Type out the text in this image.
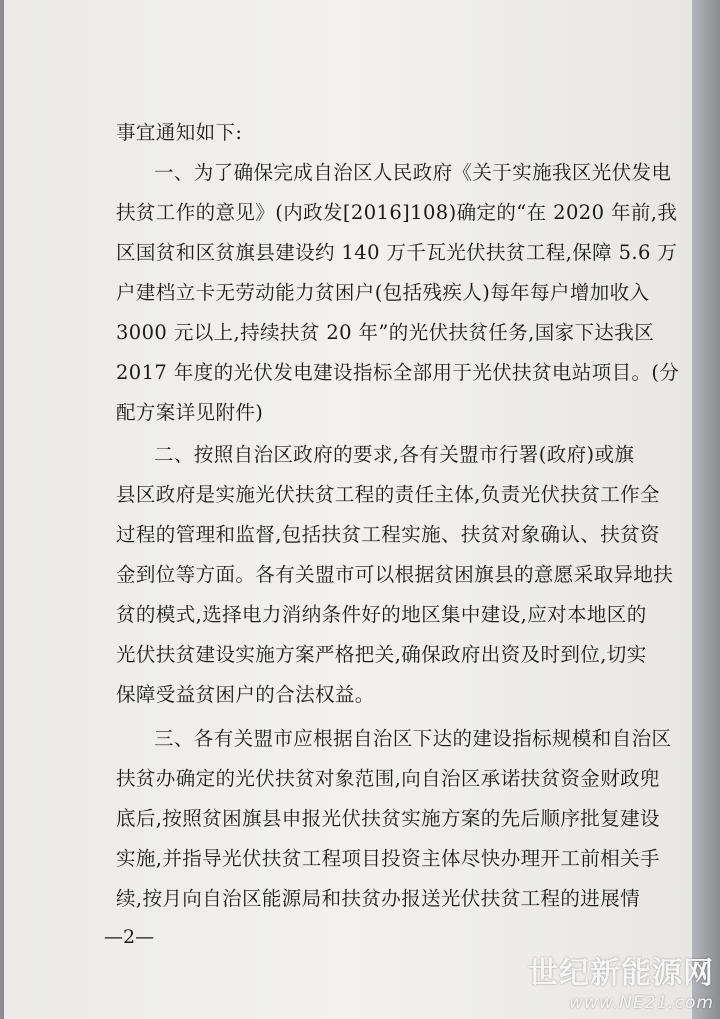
事宜通知如下:
一、为了确保完成自治区人民政府《关于实施我区光伏发电
扶贫工作的意见》(内政发[2016]108)确定的“在 2020 年前,我
区国贫和区贫旗县建设约 140 万千瓦光伏扶贫工程,保障 5.6 万
户建档立卡无劳动能力贫困户(包括残疾人)每年每户增加收入
3000 元以上,持续扶贫 20 年”的光伏扶贫任务,国家下达我区
2017 年度的光伏发电建设指标全部用于光伏扶贫电站项目。(分
配方案详见附件)
二、按照自治区政府的要求,各有关盟市行署(政府)或旗
县区政府是实施光伏扶贫工程的责任主体,负责光伏扶贫工作全
过程的管理和监督,包括扶贫工程实施、扶贫对象确认、扶贫资
金到位等方面。各有关盟市可以根据贫困旗县的意愿采取异地扶
贫的模式,选择电力消纳条件好的地区集中建设,应对本地区的
光伏扶贫建设实施方案严格把关,确保政府出资及时到位,切实
保障受益贫困户的合法权益。
三、各有关盟市应根据自治区下达的建设指标规模和自治区
扶贫办确定的光伏扶贫对象范围,向自治区承诺扶贫资金财政兜
底后,按照贫困旗县申报光伏扶贫实施方案的先后顺序批复建设
实施,并指导光伏扶贫工程项目投资主体尽快办理开工前相关手
续,按月向自治区能源局和扶贫办报送光伏扶贫工程的进展情
—2—
世纪新能源网
www.NE21.com
